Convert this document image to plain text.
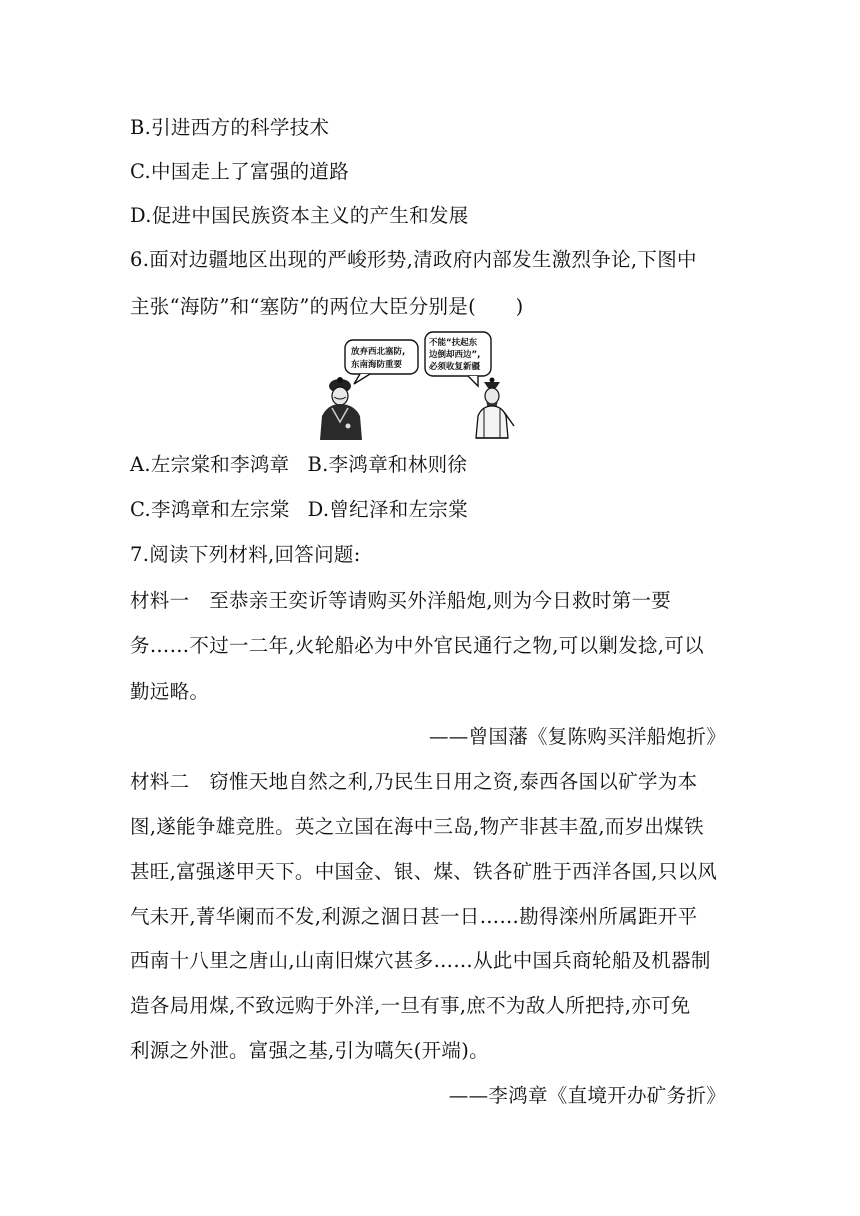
B.引进西方的科学技术
C.中国走上了富强的道路
D.促进中国民族资本主义的产生和发展
6.面对边疆地区出现的严峻形势,清政府内部发生激烈争论,下图中
主张“海防”和“塞防”的两位大臣分别是(　　)
放弃西北塞防,
东南海防重要
不能“扶起东
边倒却西边”,
必须收复新疆
A.左宗棠和李鸿章 B.李鸿章和林则徐
C.李鸿章和左宗棠 D.曾纪泽和左宗棠
7.阅读下列材料,回答问题:
材料一　至恭亲王奕䜣等请购买外洋船炮,则为今日救时第一要
务……不过一二年,火轮船必为中外官民通行之物,可以剿发捻,可以
勤远略。
——曾国藩《复陈购买洋船炮折》
材料二　窃惟天地自然之利,乃民生日用之资,泰西各国以矿学为本
图,遂能争雄竞胜。英之立国在海中三岛,物产非甚丰盈,而岁出煤铁
甚旺,富强遂甲天下。中国金、银、煤、铁各矿胜于西洋各国,只以风
气未开,菁华阑而不发,利源之涸日甚一日……勘得滦州所属距开平
西南十八里之唐山,山南旧煤穴甚多……从此中国兵商轮船及机器制
造各局用煤,不致远购于外洋,一旦有事,庶不为敌人所把持,亦可免
利源之外泄。富强之基,引为嚆矢(开端)。
——李鸿章《直境开办矿务折》
